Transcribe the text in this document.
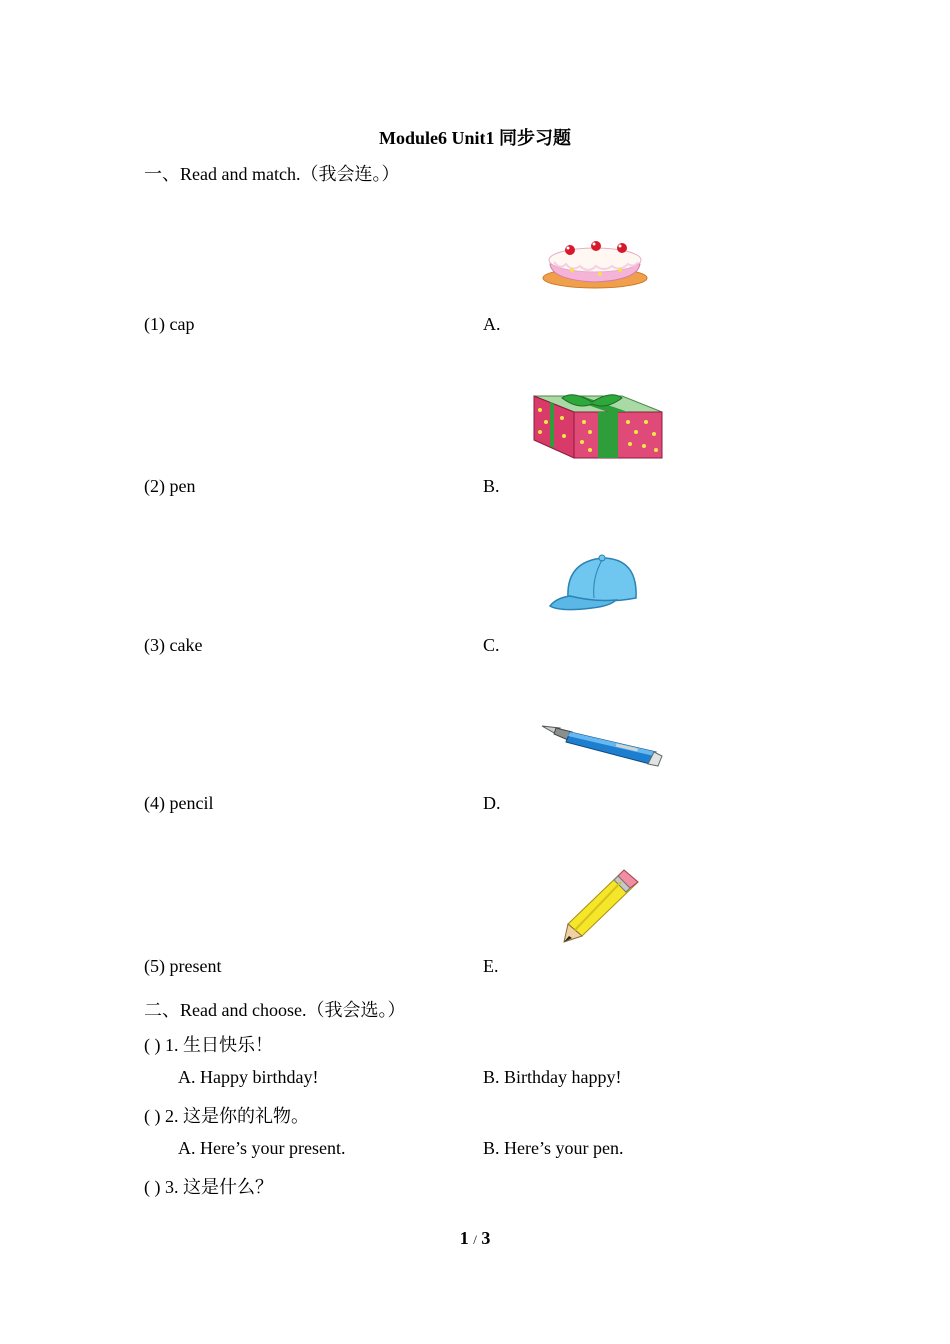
Module6 Unit1 同步习题
一、Read and match.（我会连。）
(1) cap	A.
(2) pen	B.
(3) cake	C.
(4) pencil	D.
(5) present	E.
二、Read and choose.（我会选。）
( ) 1. 生日快乐！
A. Happy birthday!	B. Birthday happy!
( ) 2. 这是你的礼物。
A. Here’s your present.	B. Here’s your pen.
( ) 3. 这是什么？
1 / 3
